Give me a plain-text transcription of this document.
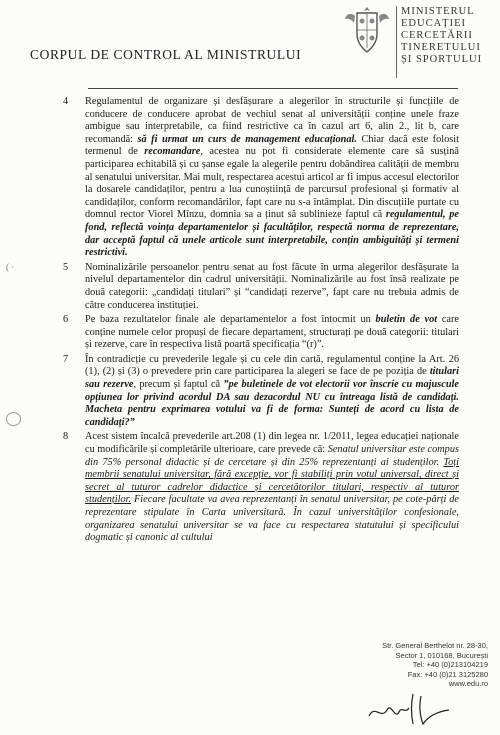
MINISTERUL
EDUCAȚIEI
CERCETĂRII
TINERETULUI
ȘI SPORTULUI
CORPUL DE CONTROL AL MINISTRULUI
4 Regulamentul de organizare și desfășurare a alegerilor în structurile și funcțiile de conducere de conducere aprobat de vechiul senat al universității conține unele fraze ambigue sau interpretabile, ca fiind restrictive ca în cazul art 6, alin 2., lit b, care recomandă: să fi urmat un curs de management educațional. Chiar dacă este folosit termenul de recomandare, acestea nu pot fi considerate elemente care să susțină participarea echitabilă și cu șanse egale la alegerile pentru dobândirea calității de membru al senatului universitar. Mai mult, respectarea acestui articol ar fi impus accesul electorilor la dosarele candidaților, pentru a lua cunoștiință de parcursul profesional și formativ al candidaților, conform recomandărilor, fapt care nu s-a întâmplat. Din discuțiile purtate cu domnul rector Viorel Mînzu, domnia sa a ținut să sublinieze faptul că regulamentul, pe fond, reflectă voința departamentelor și facultăților, respectă norma de reprezentare, dar acceptă faptul că unele articole sunt interpretabile, conțin ambiguități și termeni restrictivi.
5 Nominalizările persoanelor pentru senat au fost făcute în urma alegerilor desfășurate la nivelul departamentelor din cadrul universității. Nominalizările au fost însă realizate pe două categorii: „candidați titulari” și “candidați rezerve”, fapt care nu trebuia admis de către conducerea instituției.
6 Pe baza rezultatelor finale ale departamentelor a fost întocmit un buletin de vot care conține numele celor propuși de fiecare departament, structurați pe două categorii: titulari și rezerve, care în respectiva listă poartă specificația “(r)”.
7 În contradicție cu prevederile legale și cu cele din cartă, regulamentul conține la Art. 26 (1), (2) și (3) o prevedere prin care participarea la alegeri se face de pe poziția de titulari sau rezerve, precum și faptul că ”pe buletinele de vot electorii vor înscrie cu majuscule opțiunea lor privind acordul DA sau dezacordul NU cu întreaga listă de candidați. Macheta pentru exprimarea votului va fi de forma: Sunteți de acord cu lista de candidați?”
8 Acest sistem încalcă prevederile art.208 (1) din legea nr. 1/2011, legea educației naționale cu modificările și completările ulterioare, care prevede că: Senatul universitar este compus din 75% personal didactic și de cercetare și din 25% reprezentanți ai studenților. Toți membrii senatului universitar, fără excepție, vor fi stabiliți prin votul universal, direct și secret al tuturor cadrelor didactice și cercetătorilor titulari, respectiv al tuturor studenților. Fiecare facultate va avea reprezentanți în senatul universitar, pe cote-părți de reprezentare stipulate în Carta universitară. În cazul universităților confesionale, organizarea senatului universitar se va face cu respectarea statutului și specificului dogmatic și canonic al cultului
( ·
Str. General Berthelot nr. 28-30,
Sector 1, 010168, București
Tel: +40 (0)213104219
Fax: +40 (0)21 3125280
www.edu.ro
